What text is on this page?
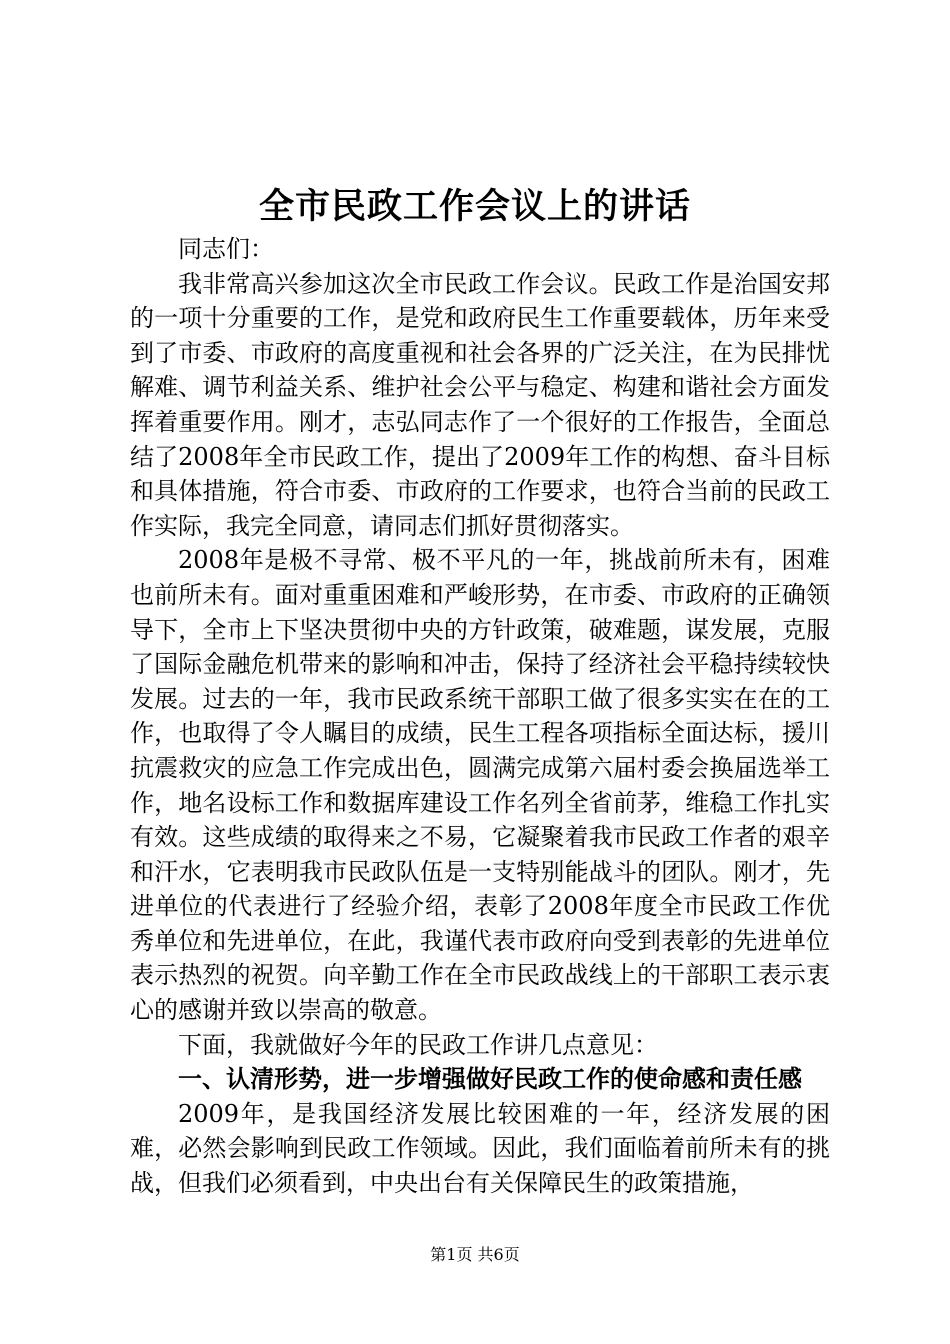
全市民政工作会议上的讲话

同志们：

我非常高兴参加这次全市民政工作会议。民政工作是治国安邦的一项十分重要的工作，是党和政府民生工作重要载体，历年来受到了市委、市政府的高度重视和社会各界的广泛关注，在为民排忧解难、调节利益关系、维护社会公平与稳定、构建和谐社会方面发挥着重要作用。刚才，志弘同志作了一个很好的工作报告，全面总结了2008年全市民政工作，提出了2009年工作的构想、奋斗目标和具体措施，符合市委、市政府的工作要求，也符合当前的民政工作实际，我完全同意，请同志们抓好贯彻落实。

2008年是极不寻常、极不平凡的一年，挑战前所未有，困难也前所未有。面对重重困难和严峻形势，在市委、市政府的正确领导下，全市上下坚决贯彻中央的方针政策，破难题，谋发展，克服了国际金融危机带来的影响和冲击，保持了经济社会平稳持续较快发展。过去的一年，我市民政系统干部职工做了很多实实在在的工作，也取得了令人瞩目的成绩，民生工程各项指标全面达标，援川抗震救灾的应急工作完成出色，圆满完成第六届村委会换届选举工作，地名设标工作和数据库建设工作名列全省前茅，维稳工作扎实有效。这些成绩的取得来之不易，它凝聚着我市民政工作者的艰辛和汗水，它表明我市民政队伍是一支特别能战斗的团队。刚才，先进单位的代表进行了经验介绍，表彰了2008年度全市民政工作优秀单位和先进单位，在此，我谨代表市政府向受到表彰的先进单位表示热烈的祝贺。向辛勤工作在全市民政战线上的干部职工表示衷心的感谢并致以崇高的敬意。

下面，我就做好今年的民政工作讲几点意见：

一、认清形势，进一步增强做好民政工作的使命感和责任感

2009年，是我国经济发展比较困难的一年，经济发展的困难，必然会影响到民政工作领域。因此，我们面临着前所未有的挑战，但我们必须看到，中央出台有关保障民生的政策措施，

第1页 共6页
